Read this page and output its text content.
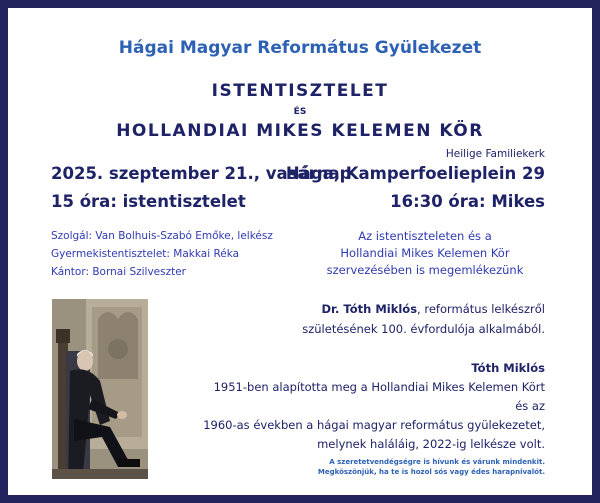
Hágai Magyar Református Gyülekezet
ISTENTISZTELET
ÉS
HOLLANDIAI MIKES KELEMEN KÖR
Heilige Familiekerk
2025. szeptember 21., vasárnap
15 óra: istentisztelet
Hága, Kamperfoelieplein 29
16:30 óra: Mikes
Szolgál: Van Bolhuis-Szabó Emőke, lelkész
Gyermekistentisztelet: Makkai Réka
Kántor: Bornai Szilveszter
Az istentiszteleten és a
Hollandiai Mikes Kelemen Kör
szervezésében is megemlékezünk
Dr. Tóth Miklós, református lelkészről
születésének 100. évfordulója alkalmából.
Tóth Miklós
1951-ben alapította meg a Hollandiai Mikes Kelemen Kört
és az
1960-as években a hágai magyar református gyülekezetet,
melynek haláláig, 2022-ig lelkésze volt.
A szeretetvendégségre is hívunk és várunk mindenkit.
Megköszönjük, ha te is hozol sós vagy édes harapnivalót.
